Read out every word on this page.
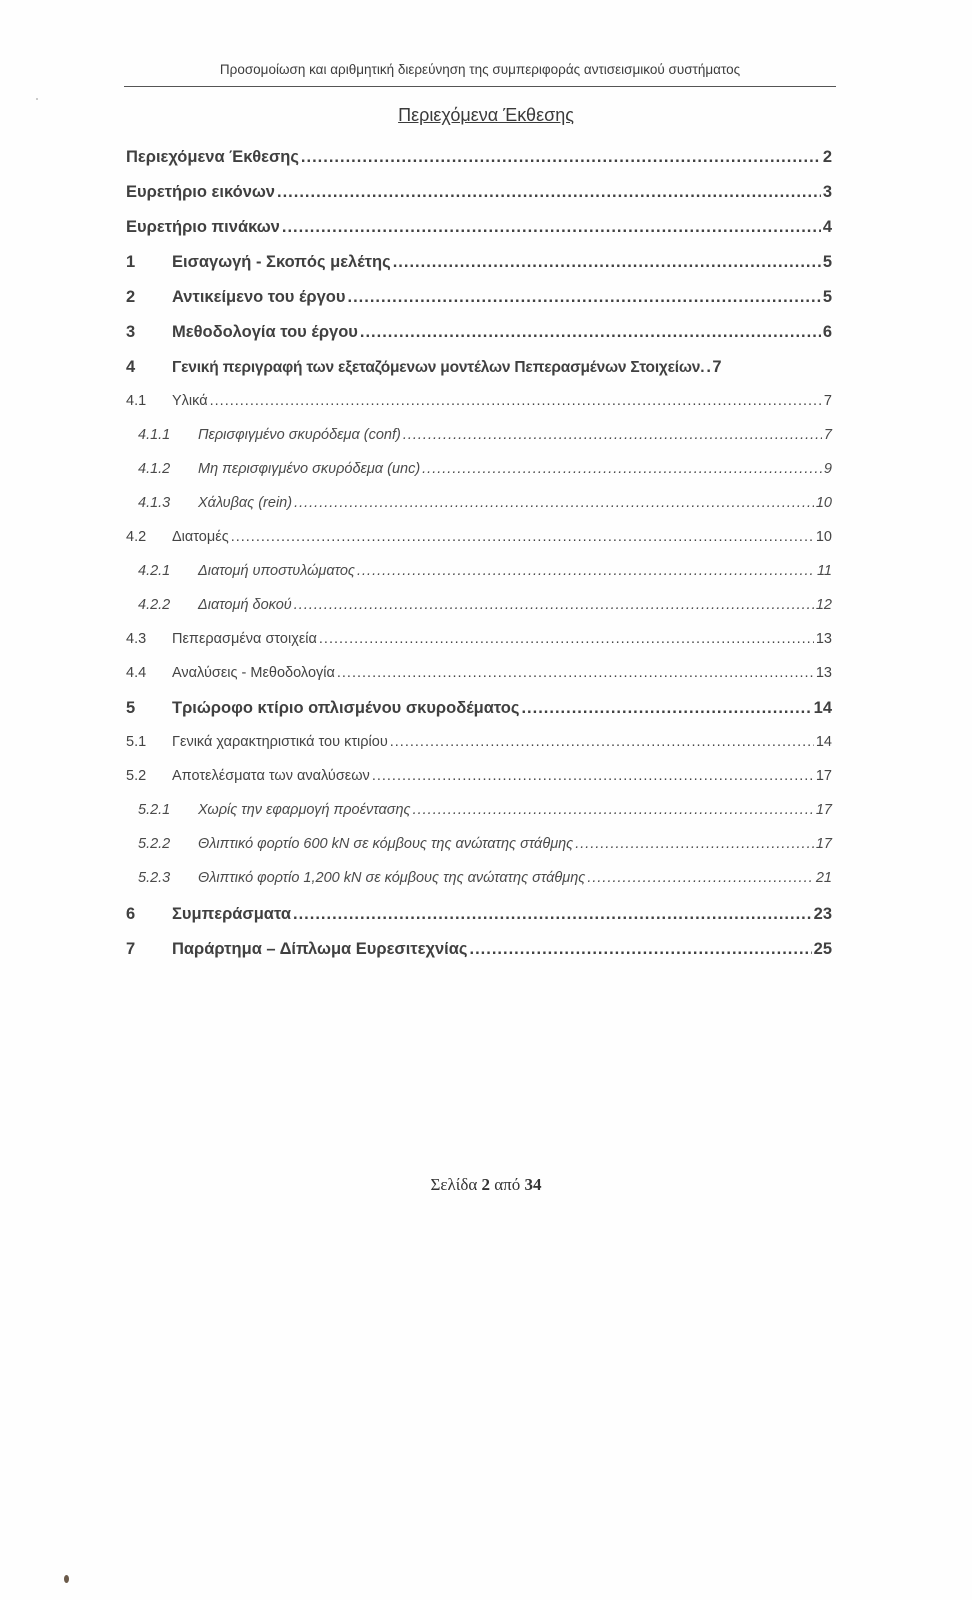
Προσομοίωση και αριθμητική διερεύνηση της συμπεριφοράς αντισεισμικού συστήματος
Περιεχόμενα Έκθεσης
Περιεχόμενα Έκθεσης .....	2
Ευρετήριο εικόνων .....	3
Ευρετήριο πινάκων .....	4
1	Εισαγωγή - Σκοπός μελέτης .....	5
2	Αντικείμενο του έργου .....	5
3	Μεθοδολογία του έργου .....	6
4	Γενική περιγραφή των εξεταζόμενων μοντέλων Πεπερασμένων Στοιχείων. ..... 7
4.1	Υλικά .....	7
4.1.1	Περισφιγμένο σκυρόδεμα (conf) .....	7
4.1.2	Μη περισφιγμένο σκυρόδεμα (unc) .....	9
4.1.3	Χάλυβας (rein) .....	10
4.2	Διατομές .....	10
4.2.1	Διατομή υποστυλώματος .....	11
4.2.2	Διατομή δοκού .....	12
4.3	Πεπερασμένα στοιχεία .....	13
4.4	Αναλύσεις - Μεθοδολογία .....	13
5	Τριώροφο κτίριο οπλισμένου σκυροδέματος .....	14
5.1	Γενικά χαρακτηριστικά του κτιρίου .....	14
5.2	Αποτελέσματα των αναλύσεων .....	17
5.2.1	Χωρίς την εφαρμογή προέντασης .....	17
5.2.2	Θλιπτικό φορτίο 600 kN σε κόμβους της ανώτατης στάθμης .....	17
5.2.3	Θλιπτικό φορτίο 1,200 kN σε κόμβους της ανώτατης στάθμης .....	21
6	Συμπεράσματα .....	23
7	Παράρτημα – Δίπλωμα Ευρεσιτεχνίας .....	25
Σελίδα 2 από 34
